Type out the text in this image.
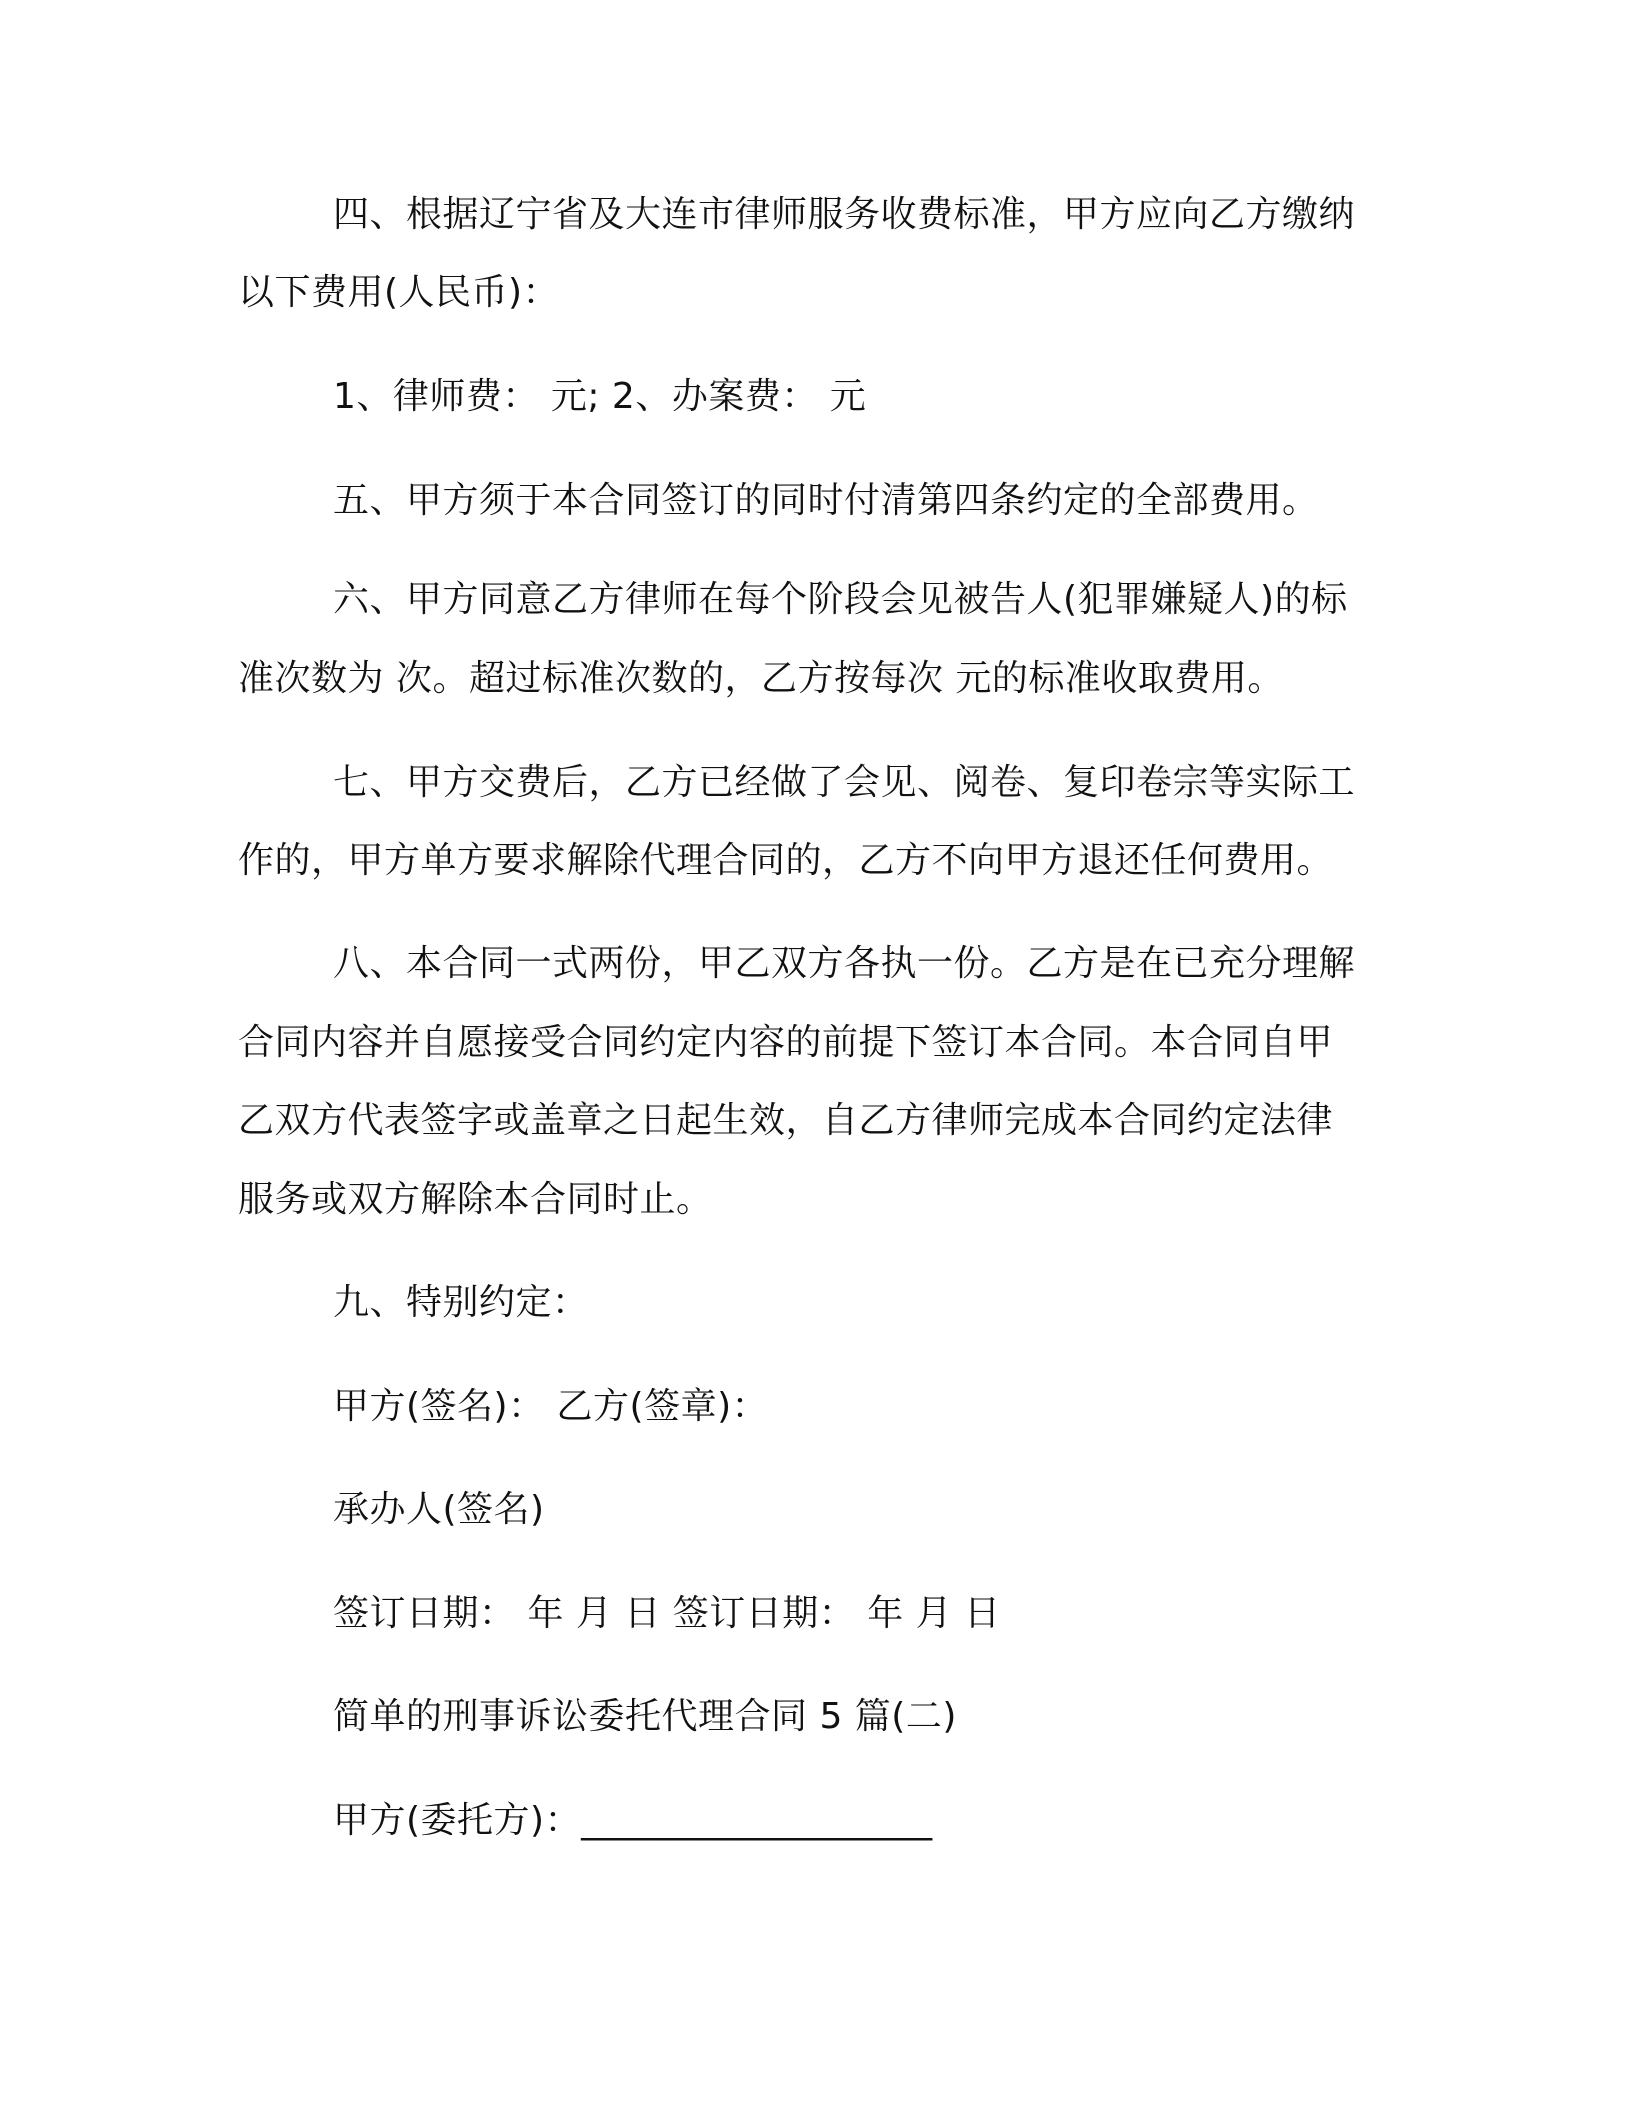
四、根据辽宁省及大连市律师服务收费标准，甲方应向乙方缴纳
以下费用(人民币)：
1、律师费： 元; 2、办案费： 元
五、甲方须于本合同签订的同时付清第四条约定的全部费用。
六、甲方同意乙方律师在每个阶段会见被告人(犯罪嫌疑人)的标
准次数为 次。超过标准次数的，乙方按每次 元的标准收取费用。
七、甲方交费后，乙方已经做了会见、阅卷、复印卷宗等实际工
作的，甲方单方要求解除代理合同的，乙方不向甲方退还任何费用。
八、本合同一式两份，甲乙双方各执一份。乙方是在已充分理解
合同内容并自愿接受合同约定内容的前提下签订本合同。本合同自甲
乙双方代表签字或盖章之日起生效，自乙方律师完成本合同约定法律
服务或双方解除本合同时止。
九、特别约定：
甲方(签名)： 乙方(签章)：
承办人(签名)
签订日期： 年 月 日 签订日期： 年 月 日
简单的刑事诉讼委托代理合同 5 篇(二)
甲方(委托方)：___________________
